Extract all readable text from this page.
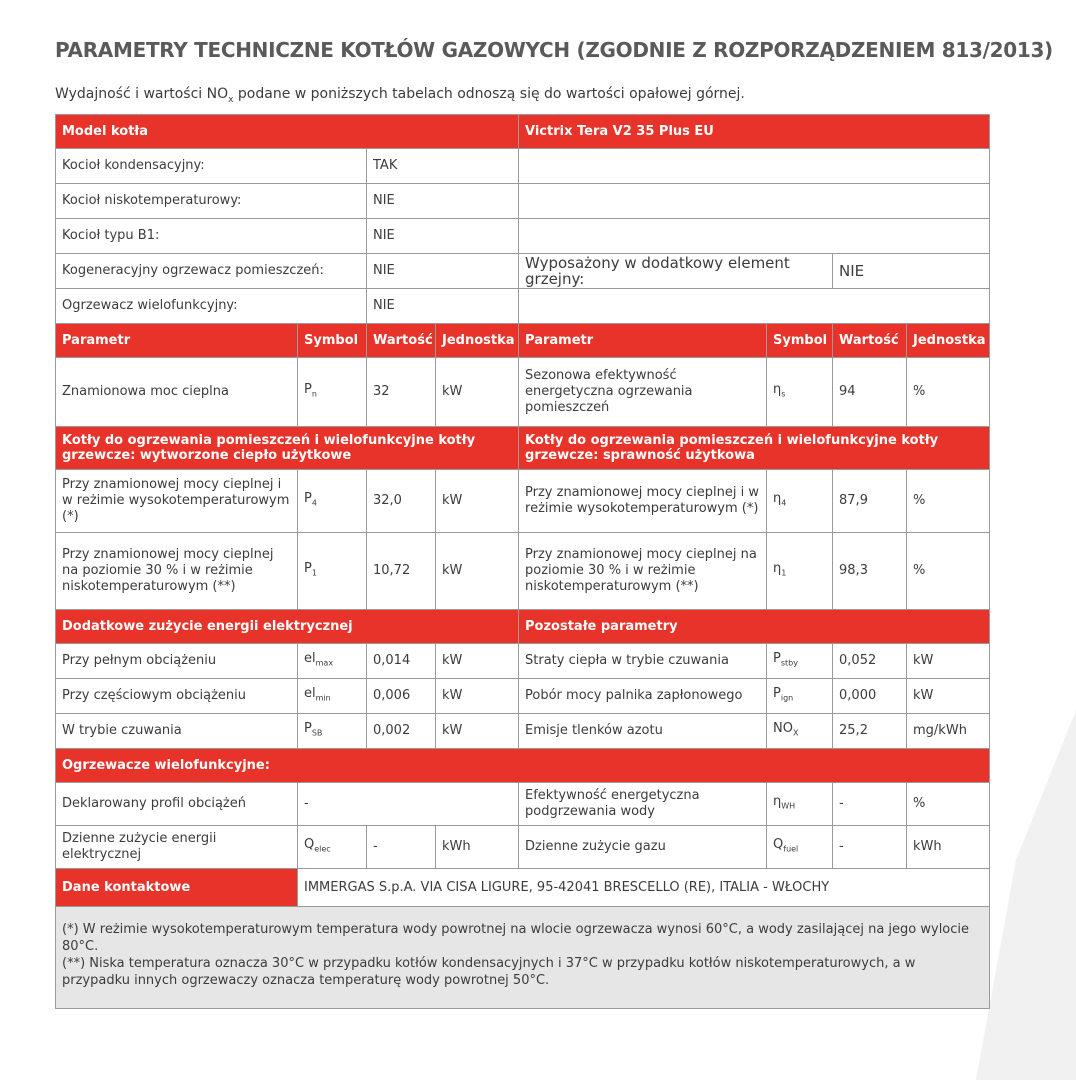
PARAMETRY TECHNICZNE KOTŁÓW GAZOWYCH (ZGODNIE Z ROZPORZĄDZENIEM 813/2013)
Wydajność i wartości $NO_x$ podane w poniższych tabelach odnoszą się do wartości opałowej górnej.
Model kotła				Victrix Tera V2 35 Plus EU			
Kocioł kondensacyjny:		TAK					
Kocioł niskotemperaturowy:		NIE					
Kocioł typu B1:		NIE					
Kogeneracyjny ogrzewacz pomieszczeń:		NIE		Wyposażony w dodatkowy element grzejny:		NIE	
Ogrzewacz wielofunkcyjny:		NIE					
Parametr	Symbol	Wartość	Jednostka	Parametr	Symbol	Wartość	Jednostka
Znamionowa moc cieplna	$P_n$	32	kW	Sezonowa efektywność energetyczna ogrzewania pomieszczeń	$\eta_s$	94	%
Kotły do ogrzewania pomieszczeń i wielofunkcyjne kotły grzewcze: wytworzone ciepło użytkowe				Kotły do ogrzewania pomieszczeń i wielofunkcyjne kotły grzewcze: sprawność użytkowa			
Przy znamionowej mocy cieplnej i w reżimie wysokotemperaturowym (*)	$P_4$	32,0	kW	Przy znamionowej mocy cieplnej i w reżimie wysokotemperaturowym (*)	$\eta_4$	87,9	%
Przy znamionowej mocy cieplnej na poziomie 30 % i w reżimie niskotemperaturowym (**)	$P_1$	10,72	kW	Przy znamionowej mocy cieplnej na poziomie 30 % i w reżimie niskotemperaturowym (**)	$\eta_1$	98,3	%
Dodatkowe zużycie energii elektrycznej				Pozostałe parametry			
Przy pełnym obciążeniu	$el_{max}$	0,014	kW	Straty ciepła w trybie czuwania	$P_{stby}$	0,052	kW
Przy częściowym obciążeniu	$el_{min}$	0,006	kW	Pobór mocy palnika zapłonowego	$P_{ign}$	0,000	kW
W trybie czuwania	$P_{SB}$	0,002	kW	Emisje tlenków azotu	$NO_X$	25,2	mg/kWh
Ogrzewacze wielofunkcyjne:							
Deklarowany profil obciążeń	-			Efektywność energetyczna podgrzewania wody	$\eta_{WH}$	-	%
Dzienne zużycie energii elektrycznej	$Q_{elec}$	-	kWh	Dzienne zużycie gazu	$Q_{fuel}$	-	kWh
Dane kontaktowe	IMMERGAS S.p.A. VIA CISA LIGURE, 95-42041 BRESCELLO (RE), ITALIA - WŁOCHY						

(*) W reżimie wysokotemperaturowym temperatura wody powrotnej na wlocie ogrzewacza wynosi 60°C, a wody zasilającej na jego wylocie 80°C.
(**) Niska temperatura oznacza 30°C w przypadku kotłów kondensacyjnych i 37°C w przypadku kotłów niskotemperaturowych, a w przypadku innych ogrzewaczy oznacza temperaturę wody powrotnej 50°C.							
